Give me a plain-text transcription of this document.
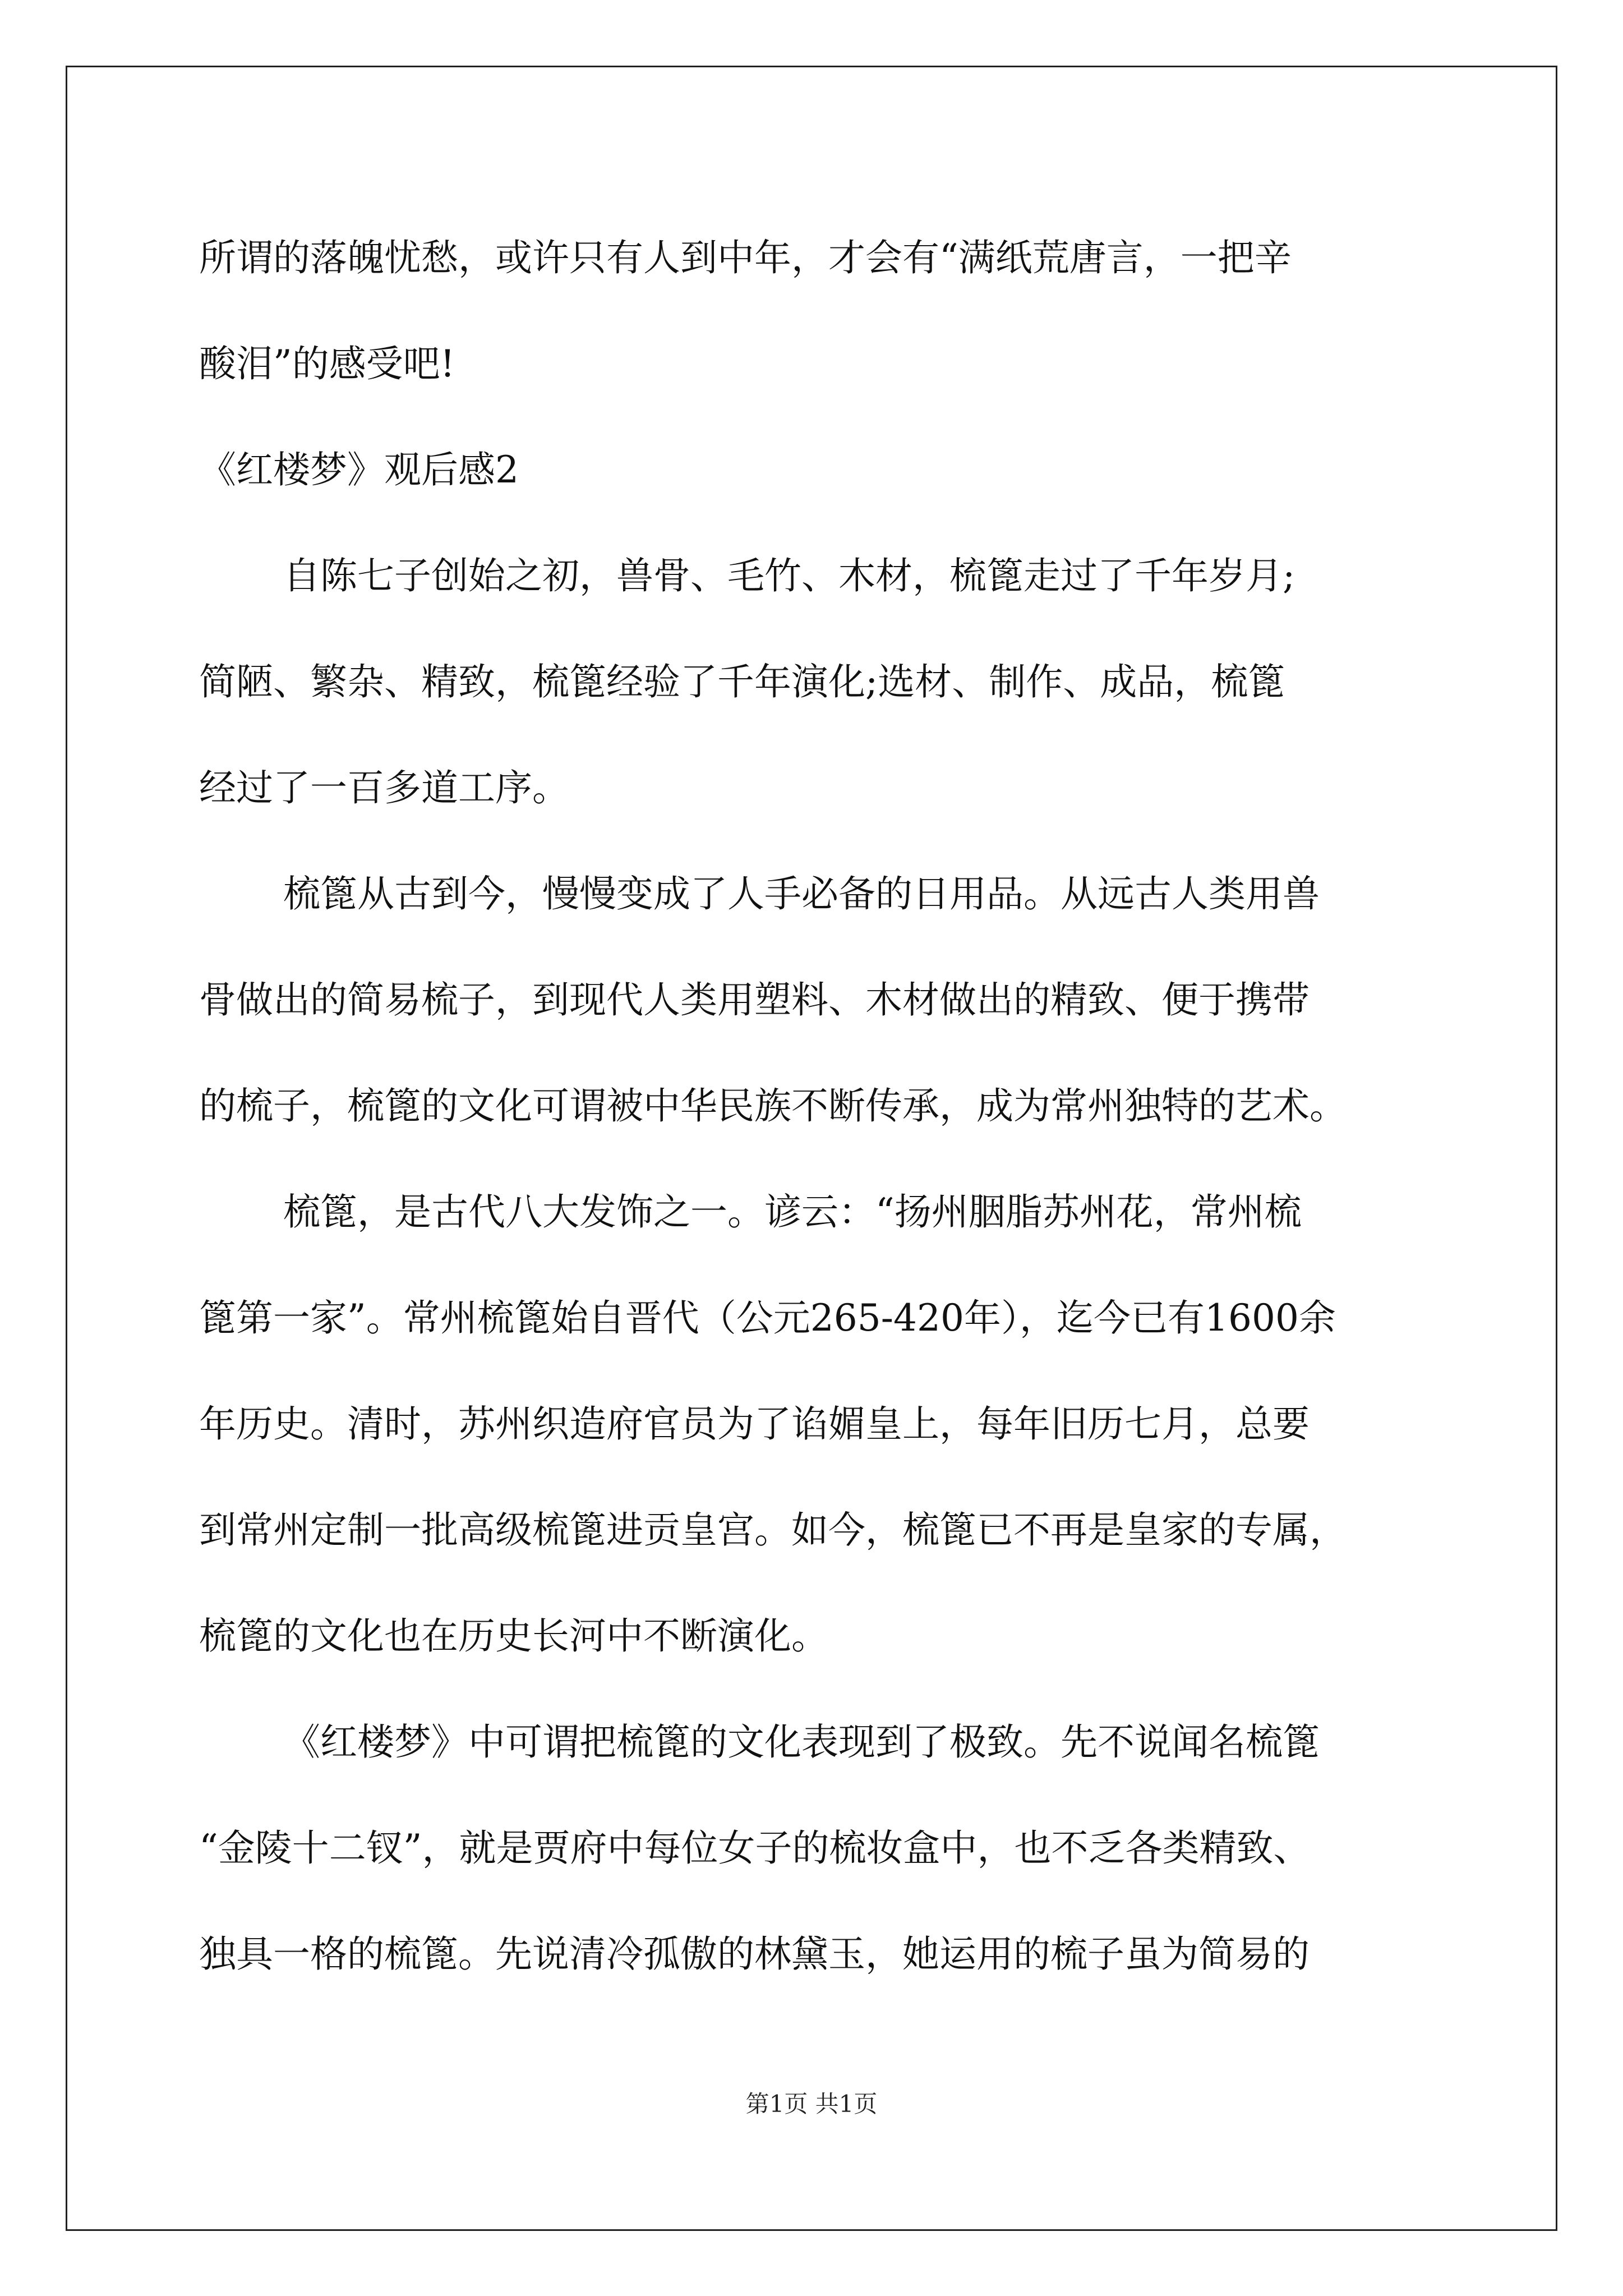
所谓的落魄忧愁，或许只有人到中年，才会有“满纸荒唐言，一把辛
酸泪”的感受吧!
《红楼梦》观后感2
自陈七子创始之初，兽骨、毛竹、木材，梳篦走过了千年岁月;
简陋、繁杂、精致，梳篦经验了千年演化;选材、制作、成品，梳篦
经过了一百多道工序。
梳篦从古到今，慢慢变成了人手必备的日用品。从远古人类用兽
骨做出的简易梳子，到现代人类用塑料、木材做出的精致、便于携带
的梳子，梳篦的文化可谓被中华民族不断传承，成为常州独特的艺术。
梳篦，是古代八大发饰之一。谚云：“扬州胭脂苏州花，常州梳
篦第一家”。常州梳篦始自晋代（公元265-420年），迄今已有1600余
年历史。清时，苏州织造府官员为了谄媚皇上，每年旧历七月，总要
到常州定制一批高级梳篦进贡皇宫。如今，梳篦已不再是皇家的专属，
梳篦的文化也在历史长河中不断演化。
《红楼梦》中可谓把梳篦的文化表现到了极致。先不说闻名梳篦
“金陵十二钗”，就是贾府中每位女子的梳妆盒中，也不乏各类精致、
独具一格的梳篦。先说清冷孤傲的林黛玉，她运用的梳子虽为简易的
第1页 共1页
